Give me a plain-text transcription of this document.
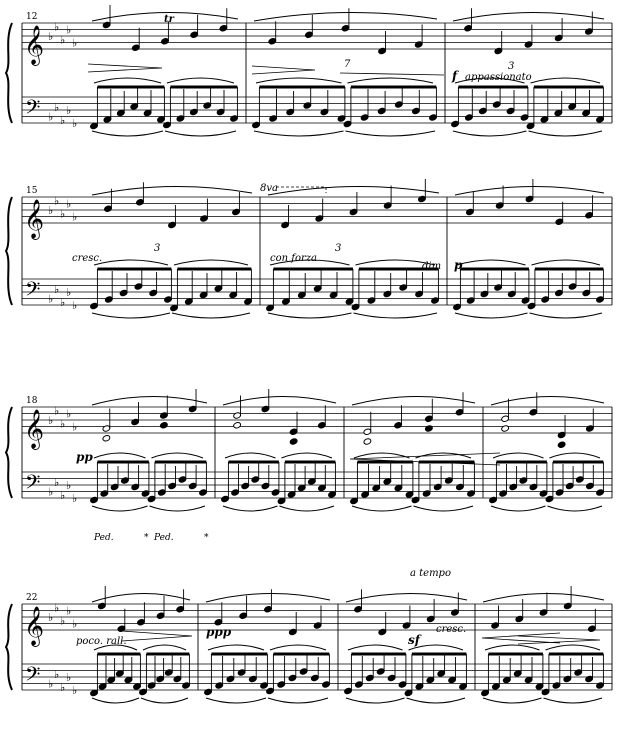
𝄞 ♭
♭
♭
♭
♭
𝄢 ♭
♭
♭
♭
♭
12
𝄞 ♭
♭
♭
♭
♭
𝄢 ♭
♭
♭
♭
♭
15
𝄞 ♭
♭
♭
♭
♭
𝄢 ♭
♭
♭
♭
♭
18
𝄞 ♭
♭
♭
♭
♭
𝄢 ♭
♭
♭
♭
♭
22
tr
7	3
f appassionato
cresc.
8va
3	3
con forza
dim p
pp
Ped.	* Ped.	*
poco. rall.
ppp
a tempo
sf
cresc.
